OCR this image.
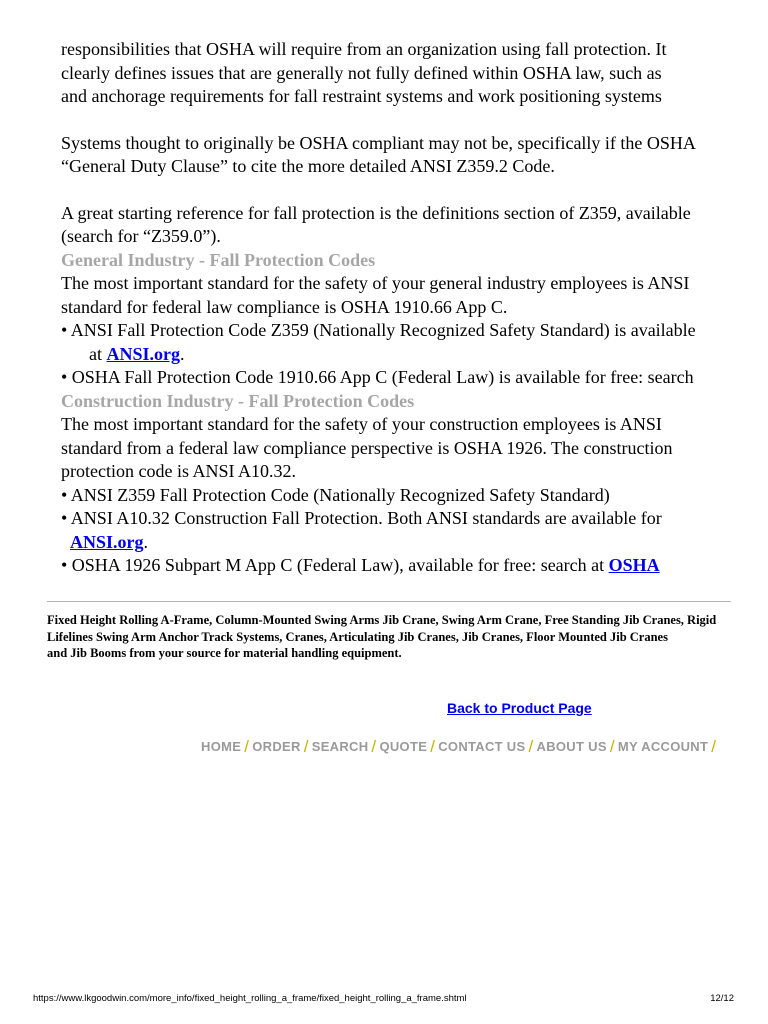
responsibilities that OSHA will require from an organization using fall protection. It

clearly defines issues that are generally not fully defined within OSHA law, such as

and anchorage requirements for fall restraint systems and work positioning systems

Systems thought to originally be OSHA compliant may not be, specifically if the OSHA

“General Duty Clause” to cite the more detailed ANSI Z359.2 Code.

A great starting reference for fall protection is the definitions section of Z359, available

(search for “Z359.0”).

General Industry - Fall Protection Codes

The most important standard for the safety of your general industry employees is ANSI

standard for federal law compliance is OSHA 1910.66 App C.

• ANSI Fall Protection Code Z359 (Nationally Recognized Safety Standard) is available

at ANSI.org.

• OSHA Fall Protection Code 1910.66 App C (Federal Law) is available for free: search

Construction Industry - Fall Protection Codes

The most important standard for the safety of your construction employees is ANSI

standard from a federal law compliance perspective is OSHA 1926. The construction

protection code is ANSI A10.32.

• ANSI Z359 Fall Protection Code (Nationally Recognized Safety Standard)

• ANSI A10.32 Construction Fall Protection. Both ANSI standards are available for

ANSI.org.

• OSHA 1926 Subpart M App C (Federal Law), available for free: search at OSHA

Fixed Height Rolling A-Frame, Column-Mounted Swing Arms Jib Crane, Swing Arm Crane, Free Standing Jib Cranes, Rigid
Lifelines Swing Arm Anchor Track Systems, Cranes, Articulating Jib Cranes, Jib Cranes, Floor Mounted Jib Cranes
and Jib Booms from your source for material handling equipment.
Back to Product Page
HOME / ORDER / SEARCH / QUOTE / CONTACT US / ABOUT US / MY ACCOUNT /
https://www.lkgoodwin.com/more_info/fixed_height_rolling_a_frame/fixed_height_rolling_a_frame.shtml	12/12
